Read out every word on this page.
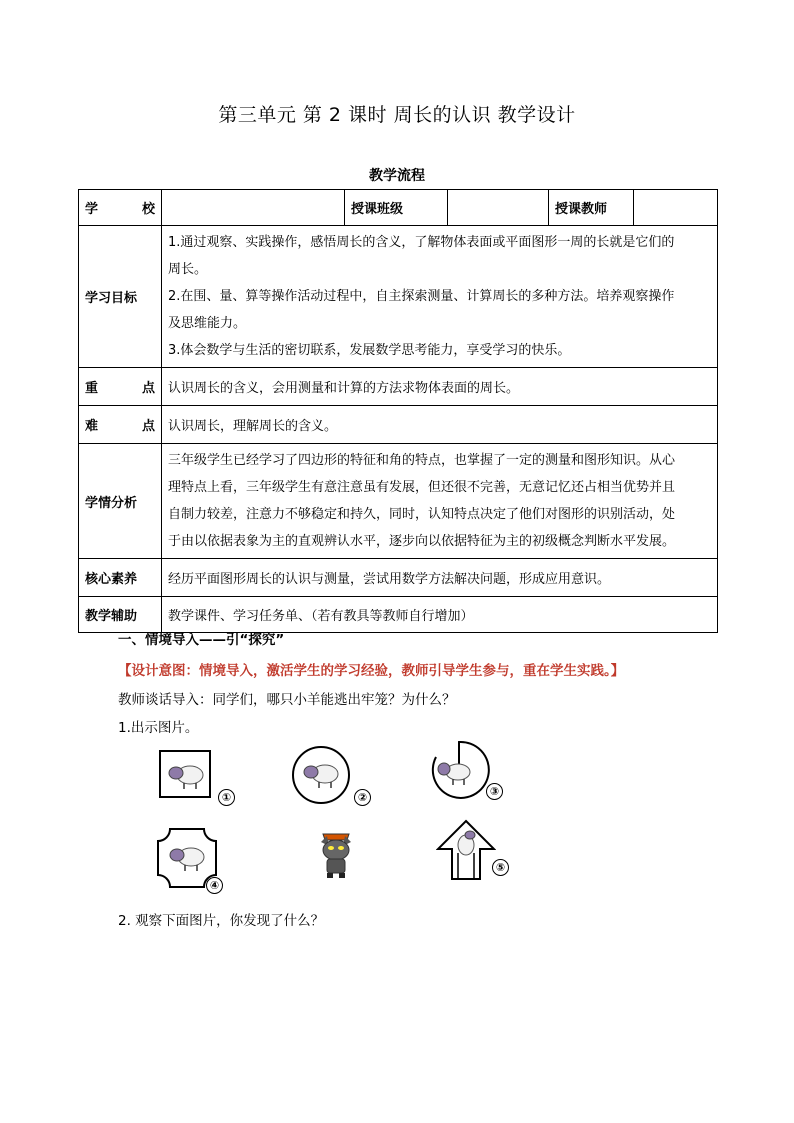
第三单元 第 2 课时 周长的认识 教学设计
教学流程
学 校		授课班级		授课教师	
学习目标	1.通过观察、实践操作，感悟周长的含义，了解物体表面或平面图形一周的长就是它们的
周长。
2.在围、量、算等操作活动过程中，自主探索测量、计算周长的多种方法。培养观察操作
及思维能力。
3.体会数学与生活的密切联系，发展数学思考能力，享受学习的快乐。				

重 点	认识周长的含义，会用测量和计算的方法求物体表面的周长。				
难 点	认识周长，理解周长的含义。				
学情分析	三年级学生已经学习了四边形的特征和角的特点，也掌握了一定的测量和图形知识。从心
理特点上看，三年级学生有意注意虽有发展，但还很不完善，无意记忆还占相当优势并且
自制力较差，注意力不够稳定和持久，同时，认知特点决定了他们对图形的识别活动，处
于由以依据表象为主的直观辨认水平，逐步向以依据特征为主的初级概念判断水平发展。				

核心素养	经历平面图形周长的认识与测量，尝试用数学方法解决问题，形成应用意识。				
教学辅助	教学课件、学习任务单、（若有教具等教师自行增加）				
一、情境导入——引“探究”
【设计意图：情境导入，激活学生的学习经验，教师引导学生参与，重在学生实践。】
教师谈话导入：同学们，哪只小羊能逃出牢笼？为什么？
1.出示图片。
①	②	③
④
⑤
2. 观察下面图片，你发现了什么？
